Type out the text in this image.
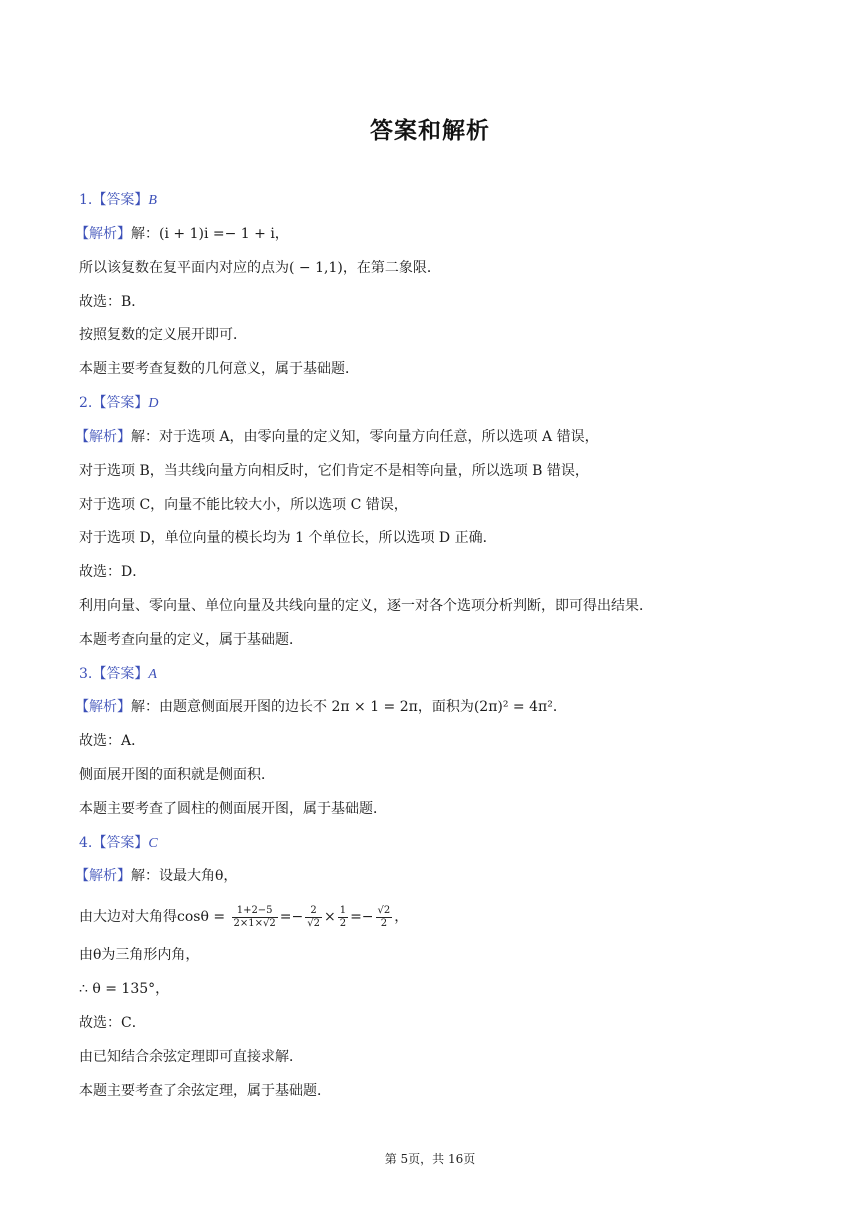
答案和解析
1.【答案】B
【解析】解：(i + 1)i =− 1 + i，
所以该复数在复平面内对应的点为( − 1,1)，在第二象限．
故选：B．
按照复数的定义展开即可．
本题主要考查复数的几何意义，属于基础题．
2.【答案】D
【解析】解：对于选项 A，由零向量的定义知，零向量方向任意，所以选项 A 错误，
对于选项 B，当共线向量方向相反时，它们肯定不是相等向量，所以选项 B 错误，
对于选项 C，向量不能比较大小，所以选项 C 错误，
对于选项 D，单位向量的模长均为 1 个单位长，所以选项 D 正确．
故选：D．
利用向量、零向量、单位向量及共线向量的定义，逐一对各个选项分析判断，即可得出结果．
本题考查向量的定义，属于基础题．
3.【答案】A
【解析】解：由题意侧面展开图的边长不 2π × 1 = 2π，面积为(2π)² = 4π²．
故选：A．
侧面展开图的面积就是侧面积．
本题主要考查了圆柱的侧面展开图，属于基础题．
4.【答案】C
【解析】解：设最大角θ，
由大边对大角得$\cos\theta = \frac{1+2-5}{2\times 1\times√2} =- \frac{2}{√2} \times \frac{1}{2} =- \frac{√2}{2}$ ，
由θ为三角形内角，
∴ θ = 135°，
故选：C．
由已知结合余弦定理即可直接求解．
本题主要考查了余弦定理，属于基础题．
第 5页，共 16页
